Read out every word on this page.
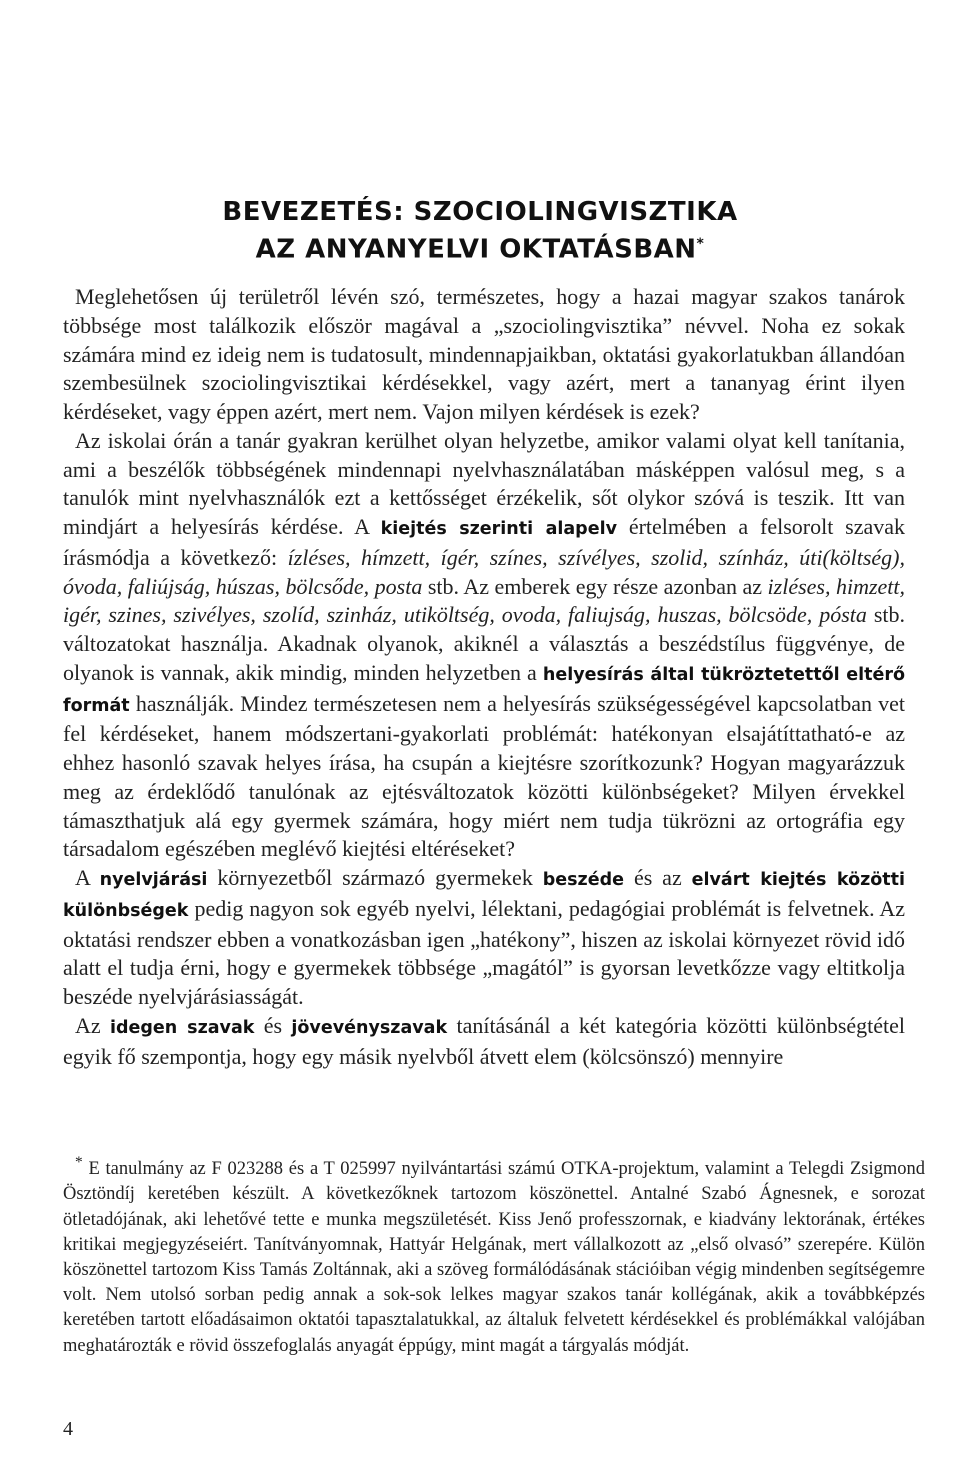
BEVEZETÉS: SZOCIOLINGVISZTIKA
AZ ANYANYELVI OKTATÁSBAN*

Meglehetősen új területről lévén szó, természetes, hogy a hazai magyar szakos tanárok többsége most találkozik először magával a „szociolingvisztika” névvel. Noha ez sokak számára mind ez ideig nem is tudatosult, mindennapjaikban, oktatási gyakorlatukban állandóan szembesülnek szociolingvisztikai kérdésekkel, vagy azért, mert a tananyag érint ilyen kérdéseket, vagy éppen azért, mert nem. Vajon milyen kérdések is ezek?

Az iskolai órán a tanár gyakran kerülhet olyan helyzetbe, amikor valami olyat kell tanítania, ami a beszélők többségének mindennapi nyelvhasználatában másképpen valósul meg, s a tanulók mint nyelvhasználók ezt a kettősséget érzékelik, sőt olykor szóvá is teszik. Itt van mindjárt a helyesírás kérdése. A kiejtés szerinti alapelv értelmében a felsorolt szavak írásmódja a következő: ízléses, hímzett, ígér, színes, szívélyes, szolid, színház, úti(költség), óvoda, faliújság, húszas, bölcsőde, posta stb. Az emberek egy része azonban az izléses, himzett, igér, szines, szivélyes, szolíd, szinház, utiköltség, ovoda, faliujság, huszas, bölcsöde, pósta stb. változatokat használja. Akadnak olyanok, akiknél a választás a beszédstílus függvénye, de olyanok is vannak, akik mindig, minden helyzetben a helyesírás által tükröztetettől eltérő formát használják. Mindez természetesen nem a helyesírás szükségességével kapcsolatban vet fel kérdéseket, hanem módszertani-gyakorlati problémát: hatékonyan elsajátíttatható-e az ehhez hasonló szavak helyes írása, ha csupán a kiejtésre szorítkozunk? Hogyan magyarázzuk meg az érdeklődő tanulónak az ejtésváltozatok közötti különbségeket? Milyen érvekkel támaszthatjuk alá egy gyermek számára, hogy miért nem tudja tükrözni az ortográfia egy társadalom egészében meglévő kiejtési eltéréseket?

A nyelvjárási környezetből származó gyermekek beszéde és az elvárt kiejtés közötti különbségek pedig nagyon sok egyéb nyelvi, lélektani, pedagógiai problémát is felvetnek. Az oktatási rendszer ebben a vonatkozásban igen „hatékony”, hiszen az iskolai környezet rövid idő alatt el tudja érni, hogy e gyermekek többsége „magától” is gyorsan levetkőzze vagy eltitkolja beszéde nyelvjárásiasságát.

Az idegen szavak és jövevényszavak tanításánál a két kategória közötti különbségtétel egyik fő szempontja, hogy egy másik nyelvből átvett elem (kölcsönszó) mennyire

* E tanulmány az F 023288 és a T 025997 nyilvántartási számú OTKA-projektum, valamint a Telegdi Zsigmond Ösztöndíj keretében készült. A következőknek tartozom köszönettel. Antalné Szabó Ágnesnek, e sorozat ötletadójának, aki lehetővé tette e munka megszületését. Kiss Jenő professzornak, e kiadvány lektorának, értékes kritikai megjegyzéseiért. Tanítványomnak, Hattyár Helgának, mert vállalkozott az „első olvasó” szerepére. Külön köszönettel tartozom Kiss Tamás Zoltánnak, aki a szöveg formálódásának stációiban végig mindenben segítségemre volt. Nem utolsó sorban pedig annak a sok-sok lelkes magyar szakos tanár kollégának, akik a továbbképzés keretében tartott előadásaimon oktatói tapasztalatukkal, az általuk felvetett kérdésekkel és problémákkal valójában meghatározták e rövid összefoglalás anyagát éppúgy, mint magát a tárgyalás módját.

4
